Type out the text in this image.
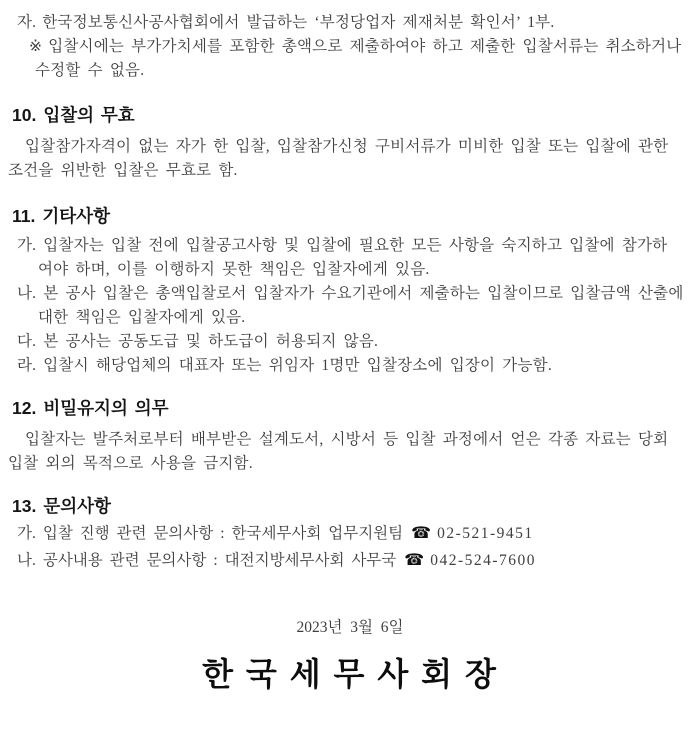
자. 한국정보통신사공사협회에서 발급하는 ‘부정당업자 제재처분 확인서’ 1부.
※ 입찰시에는 부가가치세를 포함한 총액으로 제출하여야 하고 제출한 입찰서류는 취소하거나
수정할 수 없음.
10. 입찰의 무효
입찰참가자격이 없는 자가 한 입찰, 입찰참가신청 구비서류가 미비한 입찰 또는 입찰에 관한
조건을 위반한 입찰은 무효로 함.
11. 기타사항
가. 입찰자는 입찰 전에 입찰공고사항 및 입찰에 필요한 모든 사항을 숙지하고 입찰에 참가하
여야 하며, 이를 이행하지 못한 책임은 입찰자에게 있음.
나. 본 공사 입찰은 총액입찰로서 입찰자가 수요기관에서 제출하는 입찰이므로 입찰금액 산출에
대한 책임은 입찰자에게 있음.
다. 본 공사는 공동도급 및 하도급이 허용되지 않음.
라. 입찰시 해당업체의 대표자 또는 위임자 1명만 입찰장소에 입장이 가능함.
12. 비밀유지의 의무
입찰자는 발주처로부터 배부받은 설계도서, 시방서 등 입찰 과정에서 얻은 각종 자료는 당회
입찰 외의 목적으로 사용을 금지함.
13. 문의사항
가. 입찰 진행 관련 문의사항 : 한국세무사회 업무지원팀 ☎ 02-521-9451
나. 공사내용 관련 문의사항 : 대전지방세무사회 사무국 ☎ 042-524-7600
2023년  3월  6일
한 국 세 무 사 회 장
